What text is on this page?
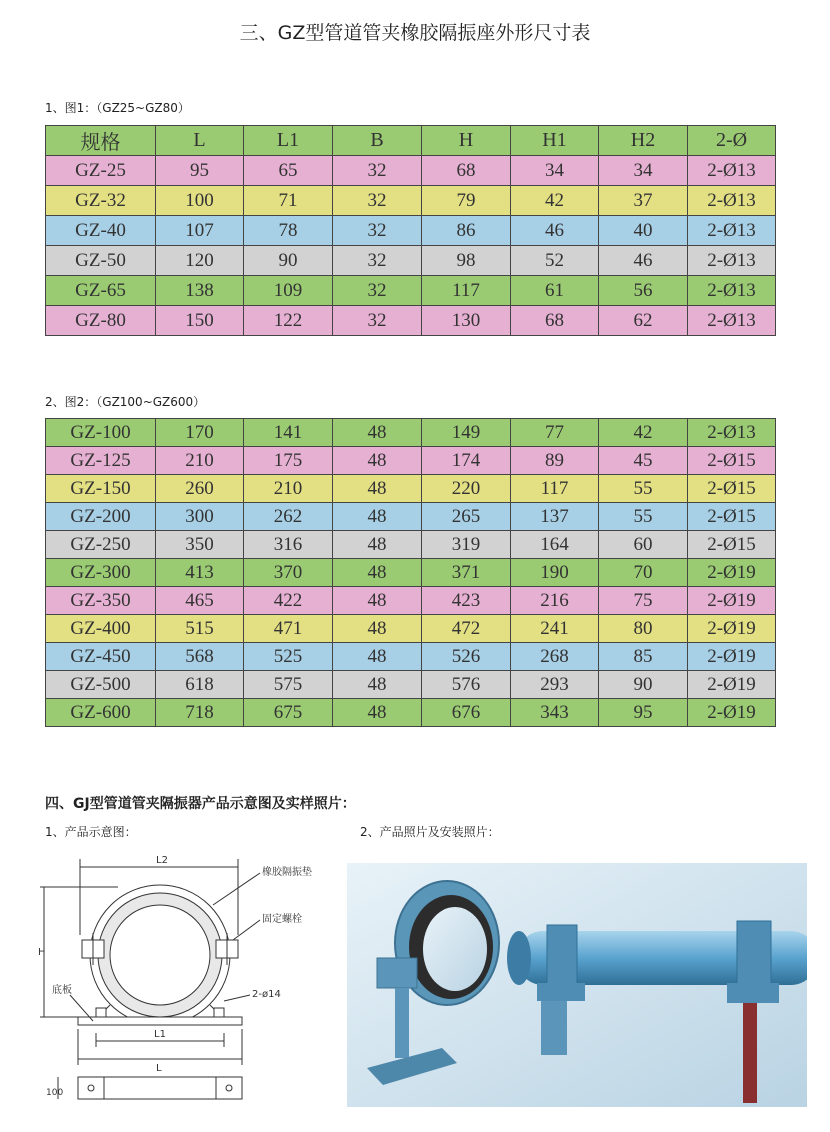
三、GZ型管道管夹橡胶隔振座外形尺寸表
1、图1：（GZ25~GZ80）
规格	L	L1	B	H	H1	H2	2-Ø
GZ-25	95	65	32	68	34	34	2-Ø13
GZ-32	100	71	32	79	42	37	2-Ø13
GZ-40	107	78	32	86	46	40	2-Ø13
GZ-50	120	90	32	98	52	46	2-Ø13
GZ-65	138	109	32	117	61	56	2-Ø13
GZ-80	150	122	32	130	68	62	2-Ø13
2、图2：（GZ100~GZ600）
GZ-100	170	141	48	149	77	42	2-Ø13
GZ-125	210	175	48	174	89	45	2-Ø15
GZ-150	260	210	48	220	117	55	2-Ø15
GZ-200	300	262	48	265	137	55	2-Ø15
GZ-250	350	316	48	319	164	60	2-Ø15
GZ-300	413	370	48	371	190	70	2-Ø19
GZ-350	465	422	48	423	216	75	2-Ø19
GZ-400	515	471	48	472	241	80	2-Ø19
GZ-450	568	525	48	526	268	85	2-Ø19
GZ-500	618	575	48	576	293	90	2-Ø19
GZ-600	718	675	48	676	343	95	2-Ø19
四、GJ型管道管夹隔振器产品示意图及实样照片：
1、产品示意图：	2、产品照片及安装照片：
L2
橡胶隔振垫
固定螺栓
H
底板	2-ø14
L1
L
100
